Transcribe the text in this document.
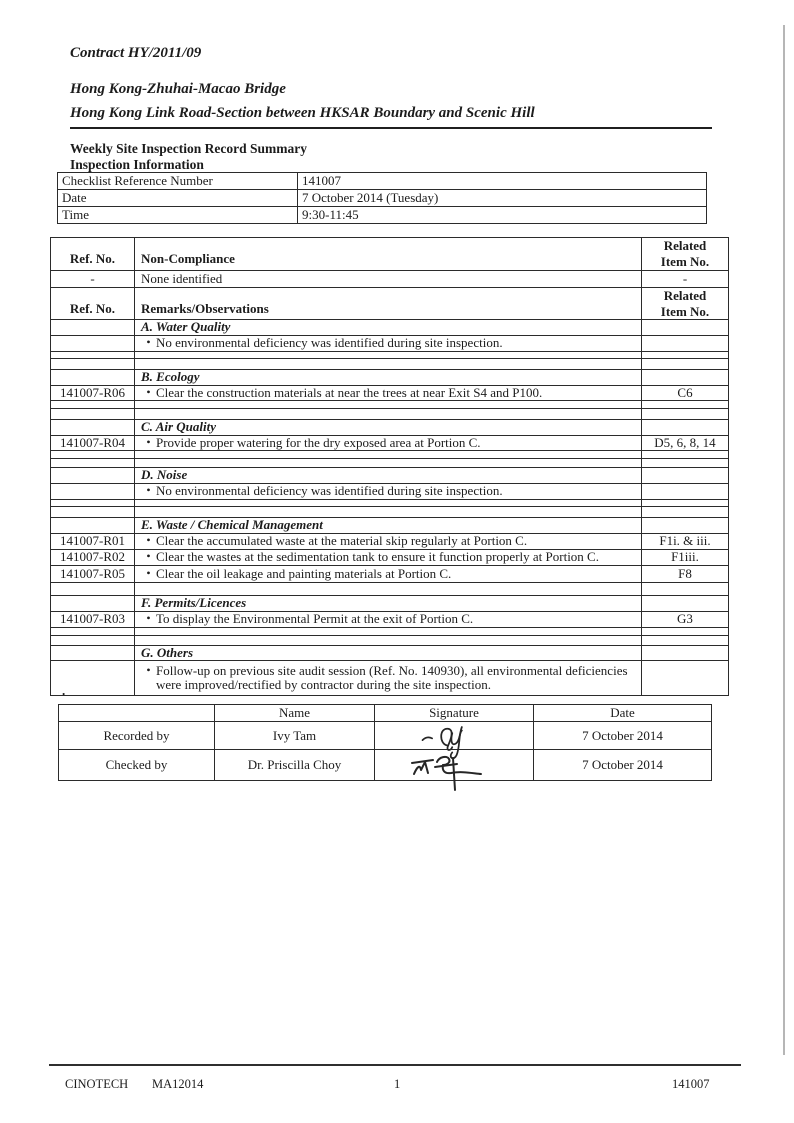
Contract HY/2011/09
Hong Kong-Zhuhai-Macao Bridge
Hong Kong Link Road-Section between HKSAR Boundary and Scenic Hill
Weekly Site Inspection Record Summary
Inspection Information
Checklist Reference Number	141007
Date	7 October 2014 (Tuesday)
Time	9:30-11:45
Ref. No.	Non-Compliance	Related
Item No.

-	None identified	-
Ref. No.	Remarks/Observations	Related
Item No.

	A. Water Quality	

	• No environmental deficiency was identified during site inspection.	

	B. Ecology	
141007-R06	• Clear the construction materials at near the trees at near Exit S4 and P100.	C6

	C. Air Quality	
141007-R04	• Provide proper watering for the dry exposed area at Portion C.	D5, 6, 8, 14

	D. Noise	

	• No environmental deficiency was identified during site inspection.	

	E. Waste / Chemical Management	
141007-R01	• Clear the accumulated waste at the material skip regularly at Portion C.	F1i. & iii.
141007-R02	• Clear the wastes at the sedimentation tank to ensure it function properly at Portion C.	F1iii.
141007-R05	• Clear the oil leakage and painting materials at Portion C.	F8

	F. Permits/Licences	
141007-R03	• To display the Environmental Permit at the exit of Portion C.	G3

	G. Others	

	• Follow-up on previous site audit session (Ref. No. 140930), all environmental deficiencies were improved/rectified by contractor during the site inspection.	

.
	Name	Signature	Date
Recorded by	Ivy Tam		7 October 2014
Checked by	Dr. Priscilla Choy		7 October 2014
CINOTECH MA12014	1	141007
